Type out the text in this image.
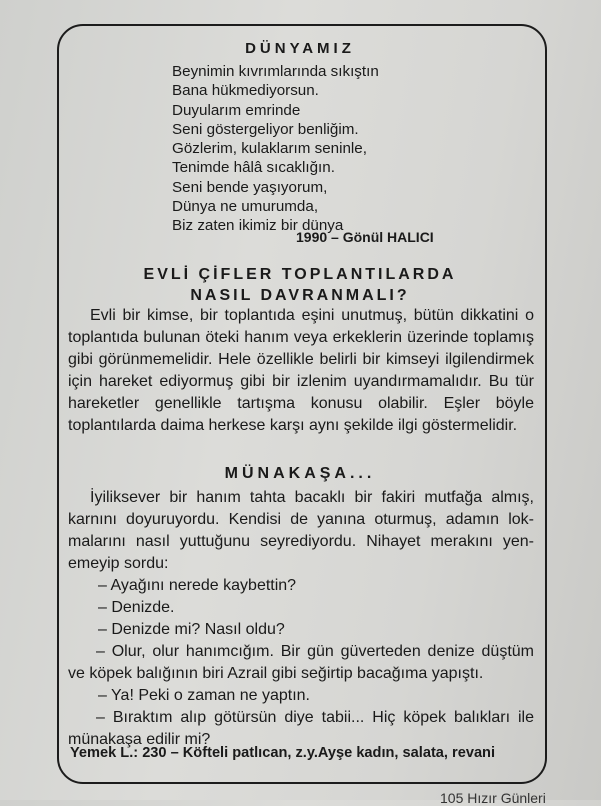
DÜNYAMIZ
Beynimin kıvrımlarında sıkıştın
Bana hükmediyorsun.
Duyularım emrinde
Seni göstergeliyor benliğim.
Gözlerim, kulaklarım seninle,
Tenimde hâlâ sıcaklığın.
Seni bende yaşıyorum,
Dünya ne umurumda,
Biz zaten ikimiz bir dünya
1990 – Gönül HALICI
EVLİ ÇİFLER TOPLANTILARDA
NASIL DAVRANMALI?

Evli bir kimse, bir toplantıda eşini unutmuş, bütün dikkatini o toplantıda bulunan öteki hanım veya erkeklerin üzerinde toplamış gibi görünmemelidir. Hele özellikle belirli bir kimseyi ilgilendirmek için hareket ediyormuş gibi bir izlenim uyandırmamalıdır. Bu tür hareketler genellikle tartışma konusu olabilir. Eşler böyle toplantılarda daima herkese karşı aynı şekilde ilgi göstermelidir.

MÜNAKAŞA...

İyiliksever bir hanım tahta bacaklı bir fakiri mutfağa almış, karnını doyuruyordu. Kendisi de yanına oturmuş, adamın lokmalarını nasıl yuttuğunu seyrediyordu. Nihayet merakını yenemeyip sordu:

– Ayağını nerede kaybettin?

– Denizde.

– Denizde mi? Nasıl oldu?

– Olur, olur hanımcığım. Bir gün güverteden denize düştüm ve köpek balığının biri Azrail gibi seğirtip bacağıma yapıştı.

– Ya! Peki o zaman ne yaptın.

– Bıraktım alıp götürsün diye tabii... Hiç köpek balıkları ile münakaşa edilir mi?

Yemek L.: 230 – Köfteli patlıcan, z.y.Ayşe kadın, salata, revani
105 Hızır Günleri
